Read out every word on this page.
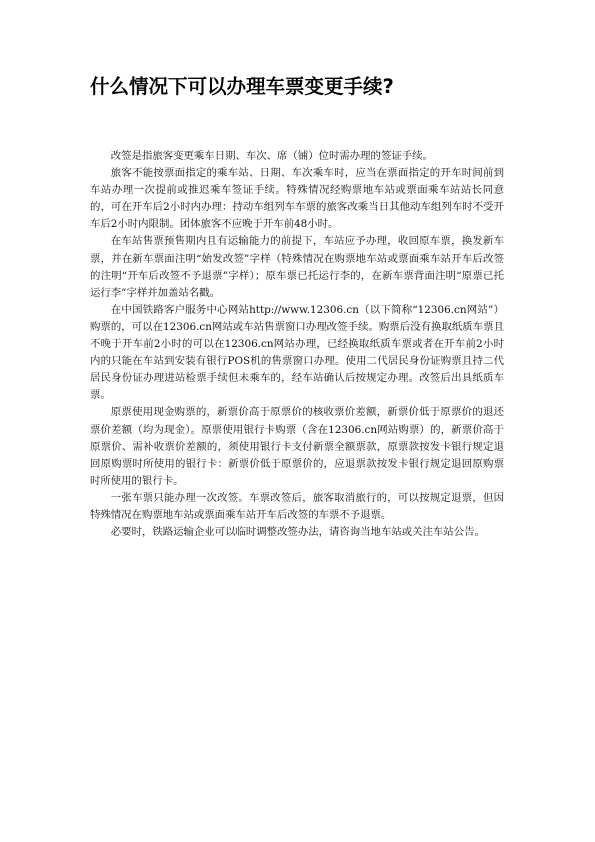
什么情况下可以办理车票变更手续?

改签是指旅客变更乘车日期、车次、席（铺）位时需办理的签证手续。

旅客不能按票面指定的乘车站、日期、车次乘车时，应当在票面指定的开车时间前到车站办理一次提前或推迟乘车签证手续。特殊情况经购票地车站或票面乘车站站长同意的，可在开车后2小时内办理：持动车组列车车票的旅客改乘当日其他动车组列车时不受开车后2小时内限制。团体旅客不应晚于开车前48小时。

在车站售票预售期内且有运输能力的前提下，车站应予办理，收回原车票，换发新车票，并在新车票面注明“始发改签”字样（特殊情况在购票地车站或票面乘车站开车后改签的注明“开车后改签不予退票”字样）；原车票已托运行李的，在新车票背面注明“原票已托运行李”字样并加盖站名戳。

在中国铁路客户服务中心网站http://www.12306.cn（以下简称“12306.cn网站”）购票的，可以在12306.cn网站或车站售票窗口办理改签手续。购票后没有换取纸质车票且不晚于开车前2小时的可以在12306.cn网站办理，已经换取纸质车票或者在开车前2小时内的只能在车站到安装有银行POS机的售票窗口办理。使用二代居民身份证购票且持二代居民身份证办理进站检票手续但未乘车的，经车站确认后按规定办理。改签后出具纸质车票。

原票使用现金购票的，新票价高于原票价的核收票价差额，新票价低于原票价的退还票价差额（均为现金）。原票使用银行卡购票（含在12306.cn网站购票）的，新票价高于原票价、需补收票价差额的，须使用银行卡支付新票全额票款，原票款按发卡银行规定退回原购票时所使用的银行卡：新票价低于原票价的，应退票款按发卡银行规定退回原购票时所使用的银行卡。

一张车票只能办理一次改签。车票改签后，旅客取消旅行的，可以按规定退票，但因特殊情况在购票地车站或票面乘车站开车后改签的车票不予退票。

必要时，铁路运输企业可以临时调整改签办法，请咨询当地车站或关注车站公告。
